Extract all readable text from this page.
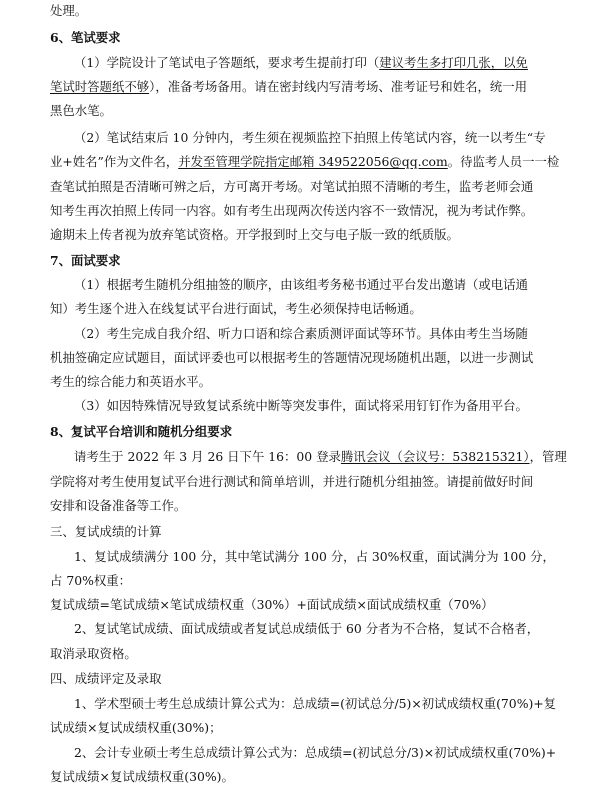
处理。
6、笔试要求
（1）学院设计了笔试电子答题纸，要求考生提前打印（建议考生多打印几张，以免
笔试时答题纸不够），准备考场备用。请在密封线内写清考场、准考证号和姓名，统一用
黑色水笔。
（2）笔试结束后 10 分钟内，考生须在视频监控下拍照上传笔试内容，统一以考生“专
业+姓名”作为文件名，并发至管理学院指定邮箱 349522056@qq.com。待监考人员一一检
查笔试拍照是否清晰可辨之后，方可离开考场。对笔试拍照不清晰的考生，监考老师会通
知考生再次拍照上传同一内容。如有考生出现两次传送内容不一致情况，视为考试作弊。
逾期未上传者视为放弃笔试资格。开学报到时上交与电子版一致的纸质版。
7、面试要求
（1）根据考生随机分组抽签的顺序，由该组考务秘书通过平台发出邀请（或电话通
知）考生逐个进入在线复试平台进行面试，考生必须保持电话畅通。
（2）考生完成自我介绍、听力口语和综合素质测评面试等环节。具体由考生当场随
机抽签确定应试题目，面试评委也可以根据考生的答题情况现场随机出题，以进一步测试
考生的综合能力和英语水平。
（3）如因特殊情况导致复试系统中断等突发事件，面试将采用钉钉作为备用平台。
8、复试平台培训和随机分组要求
请考生于 2022 年 3 月 26 日下午 16：00 登录腾讯会议（会议号：538215321），管理
学院将对考生使用复试平台进行测试和简单培训，并进行随机分组抽签。请提前做好时间
安排和设备准备等工作。
三、复试成绩的计算
1、复试成绩满分 100 分，其中笔试满分 100 分，占 30%权重，面试满分为 100 分，
占 70%权重：
复试成绩=笔试成绩×笔试成绩权重（30%）+面试成绩×面试成绩权重（70%）
2、复试笔试成绩、面试成绩或者复试总成绩低于 60 分者为不合格，复试不合格者，
取消录取资格。
四、成绩评定及录取
1、学术型硕士考生总成绩计算公式为：总成绩=(初试总分/5)×初试成绩权重(70%)+复
试成绩×复试成绩权重(30%)；
2、会计专业硕士考生总成绩计算公式为：总成绩=(初试总分/3)×初试成绩权重(70%)+
复试成绩×复试成绩权重(30%)。
